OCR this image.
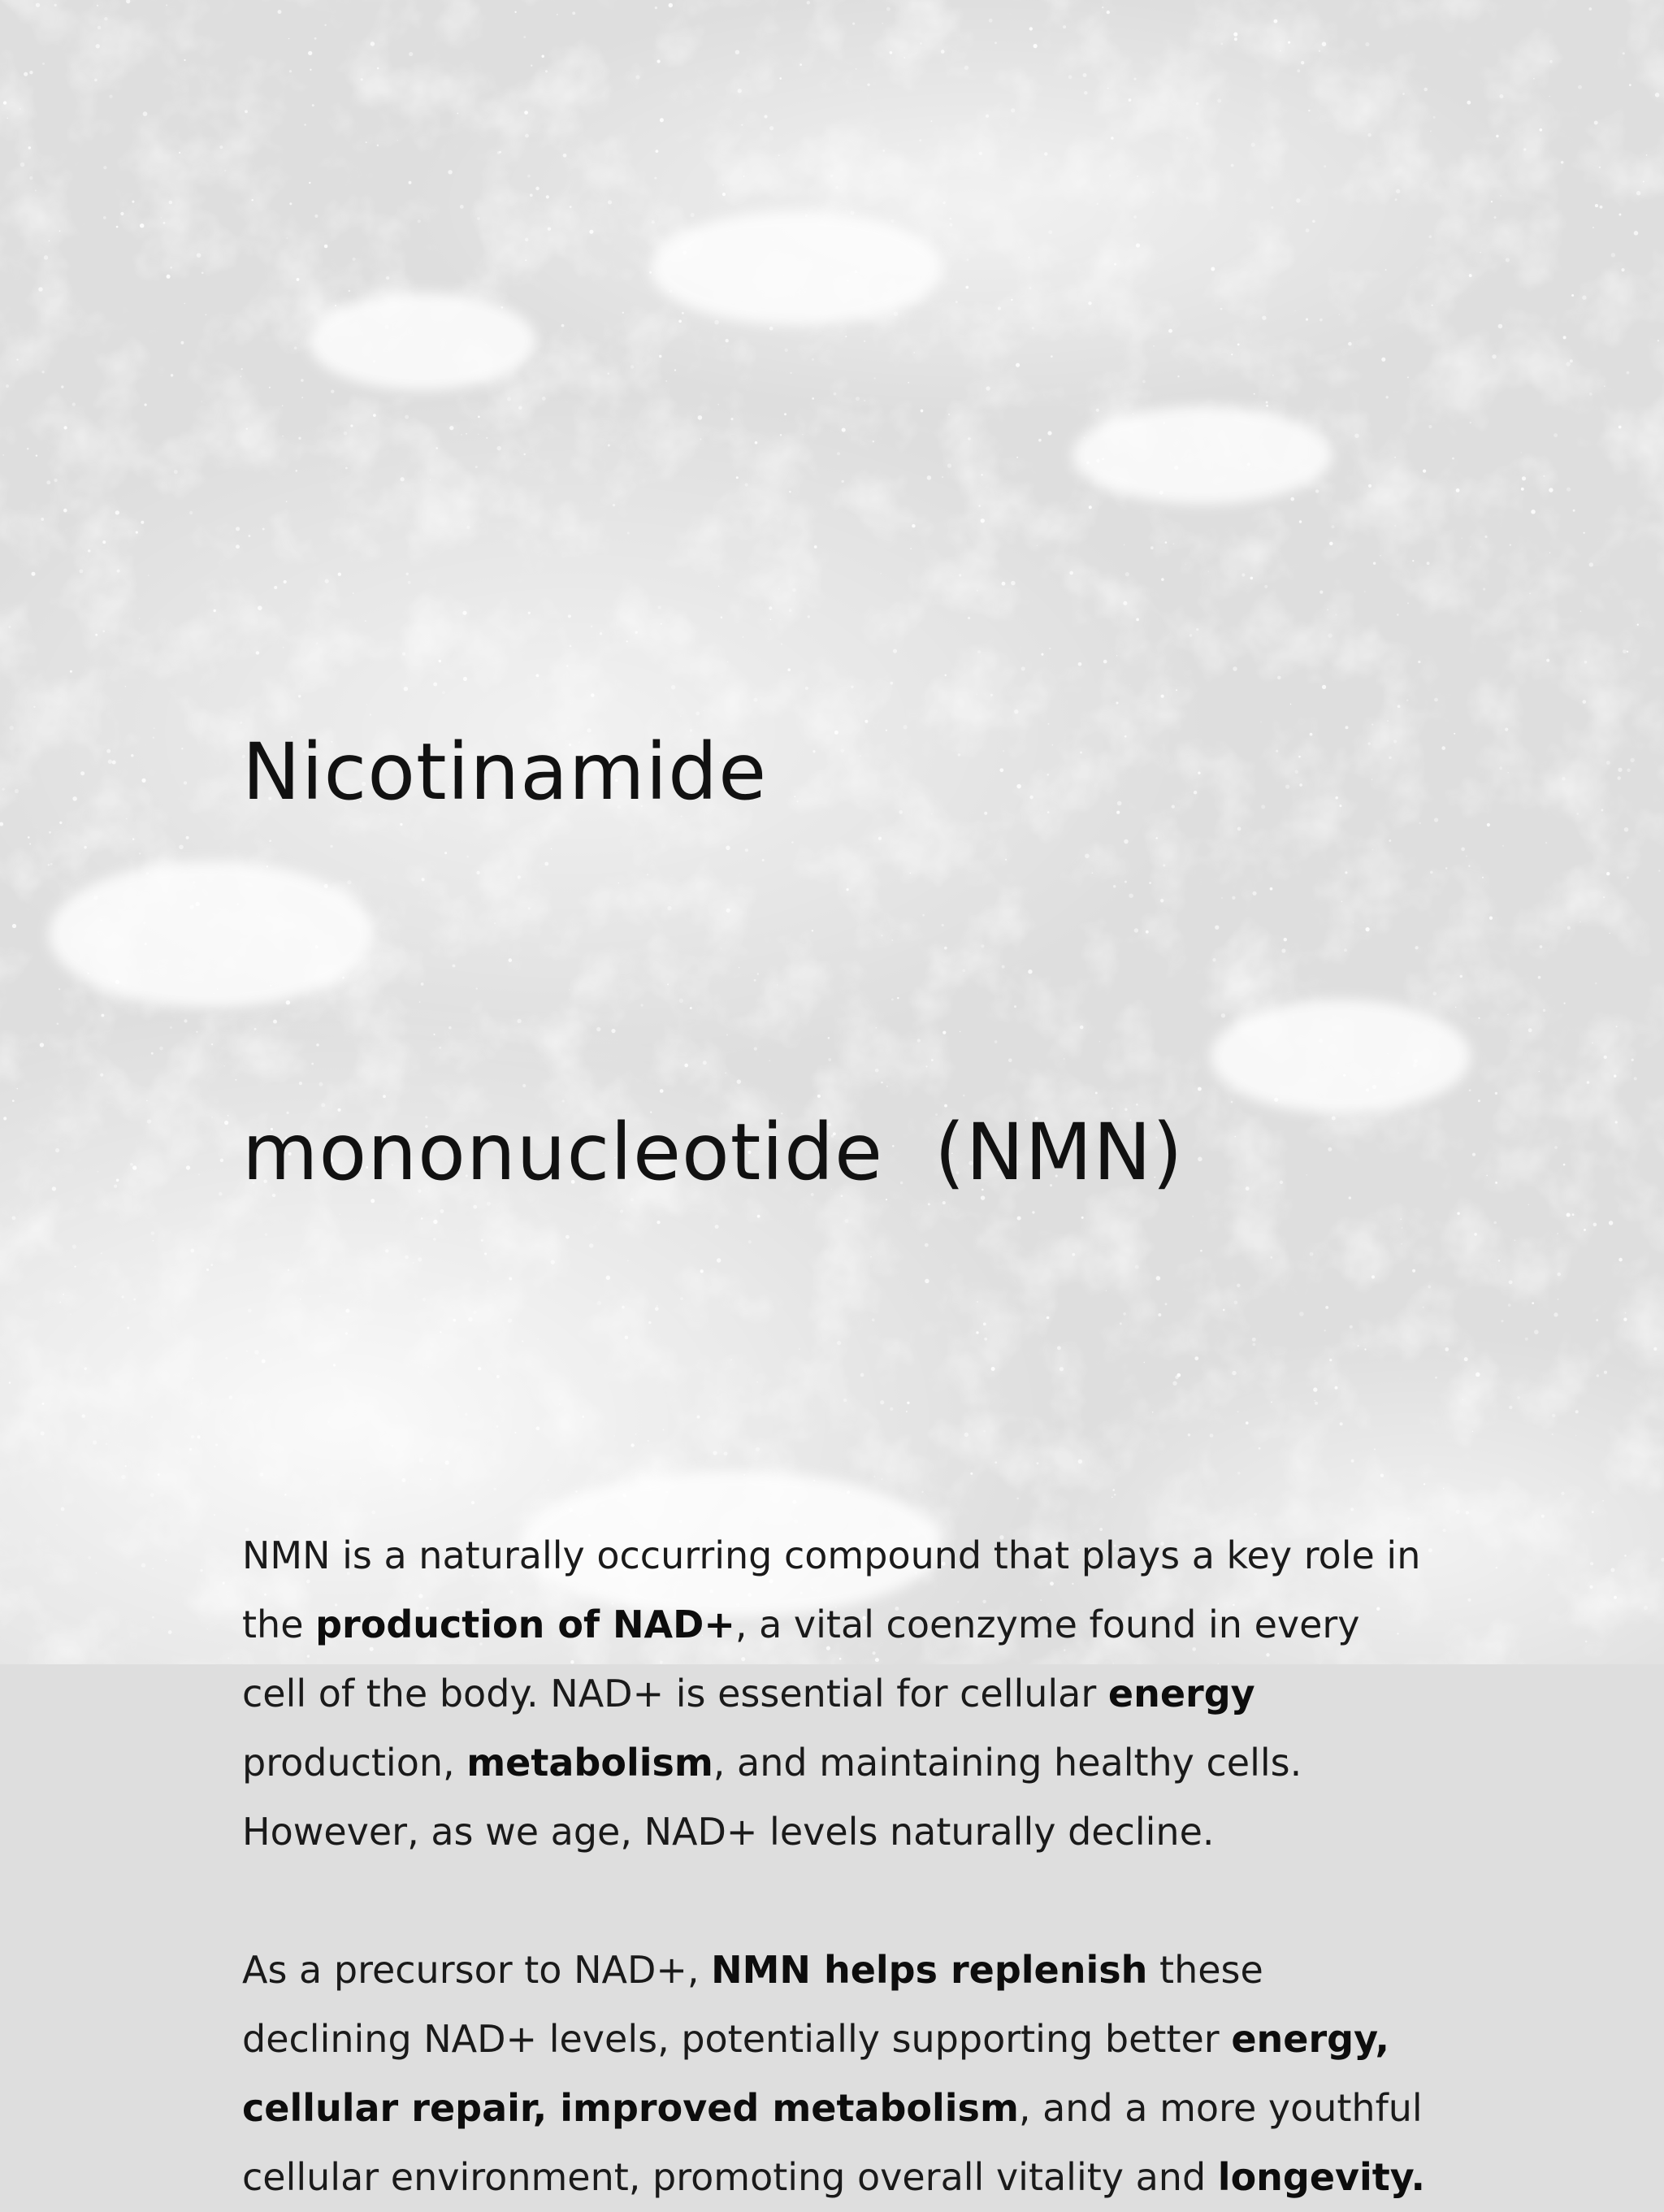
Nicotinamide

mononucleotide  (NMN)

NMN is a naturally occurring compound that plays a key role in the production of NAD+, a vital coenzyme found in every cell of the body. NAD+ is essential for cellular energy production, metabolism, and maintaining healthy cells. However, as we age, NAD+ levels naturally decline.

As a precursor to NAD+, NMN helps replenish these declining NAD+ levels, potentially supporting better energy, cellular repair, improved metabolism, and a more youthful cellular environment, promoting overall vitality and longevity.
